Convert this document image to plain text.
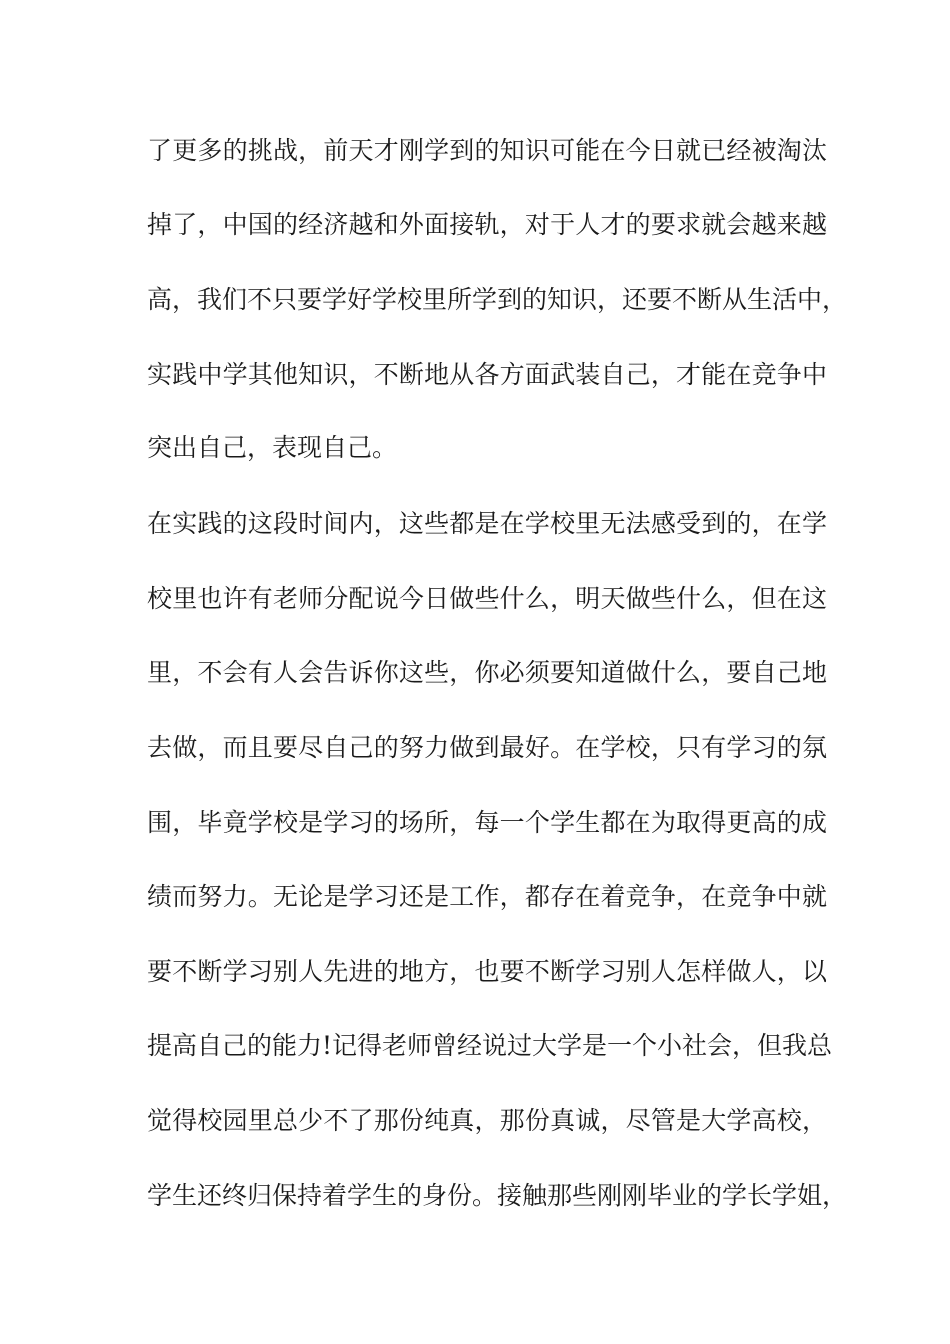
了更多的挑战，前天才刚学到的知识可能在今日就已经被淘汰
掉了，中国的经济越和外面接轨，对于人才的要求就会越来越
高，我们不只要学好学校里所学到的知识，还要不断从生活中，
实践中学其他知识，不断地从各方面武装自己，才能在竞争中
突出自己，表现自己。
在实践的这段时间内，这些都是在学校里无法感受到的，在学
校里也许有老师分配说今日做些什么，明天做些什么，但在这
里，不会有人会告诉你这些，你必须要知道做什么，要自己地
去做，而且要尽自己的努力做到最好。在学校，只有学习的氛
围，毕竟学校是学习的场所，每一个学生都在为取得更高的成
绩而努力。无论是学习还是工作，都存在着竞争，在竞争中就
要不断学习别人先进的地方，也要不断学习别人怎样做人，以
提高自己的能力!记得老师曾经说过大学是一个小社会，但我总
觉得校园里总少不了那份纯真，那份真诚，尽管是大学高校，
学生还终归保持着学生的身份。接触那些刚刚毕业的学长学姐，
